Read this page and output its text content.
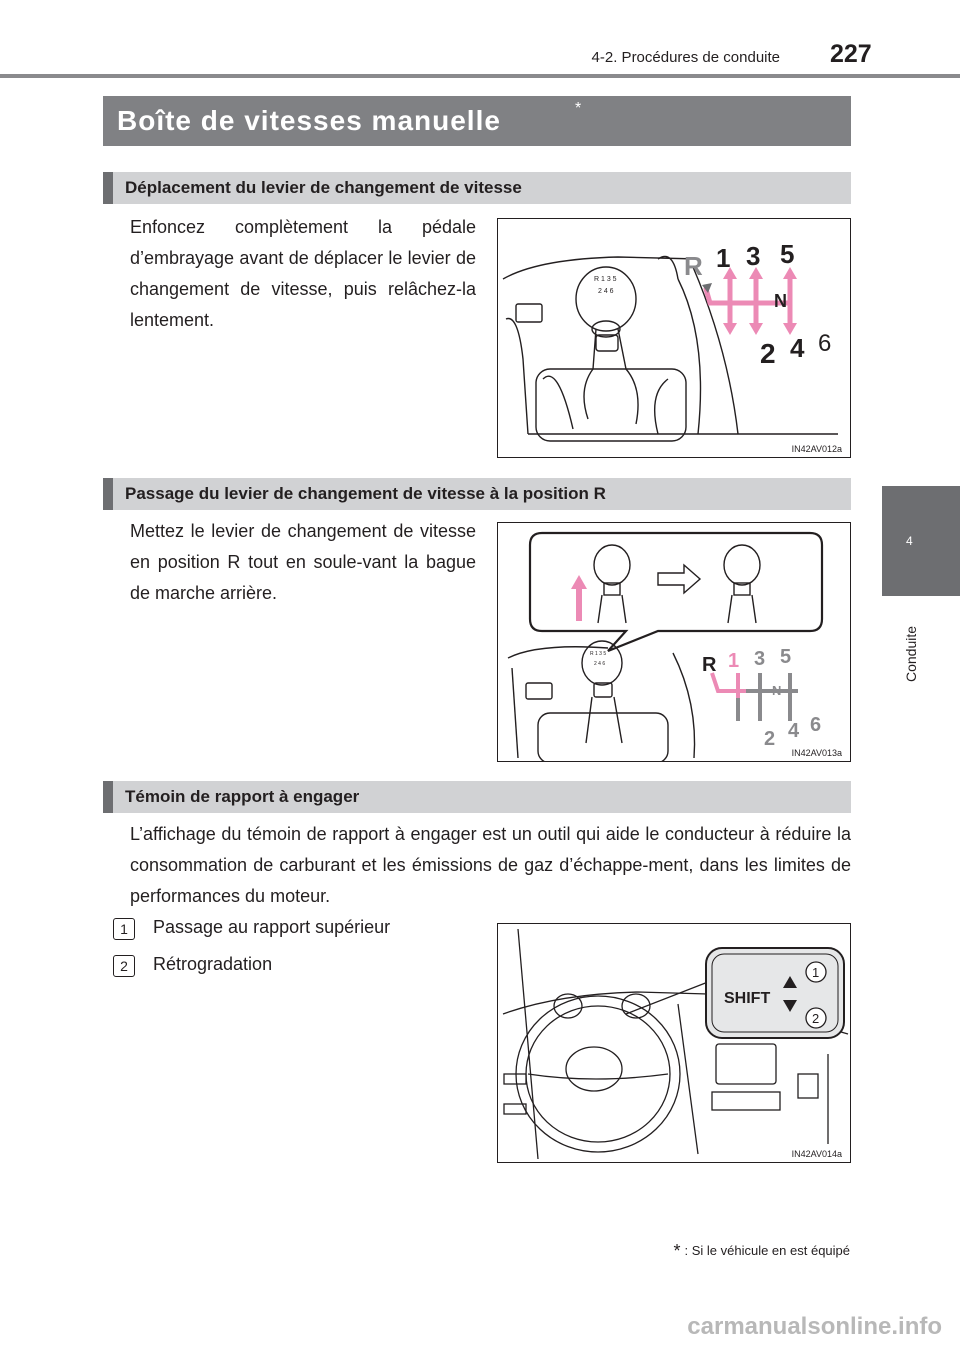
4-2. Procédures de conduite 227
4
Conduite
Boîte de vitesses manuelle	*
Déplacement du levier de changement de vitesse
Enfoncez complètement la pédale d’embrayage avant de déplacer le levier de changement de vitesse, puis relâchez-la lentement.
R 1 3 5
2 4 6
R 1 3 5
N
2 4 6
IN42AV012a
Passage du levier de changement de vitesse à la position R
Mettez le levier de changement de vitesse en position R tout en soule-vant la bague de marche arrière.
R 1 3 5
2 4 6	R 1 3 5
N
2 4 6
IN42AV013a
Témoin de rapport à engager
L’affichage du témoin de rapport à engager est un outil qui aide le conducteur à réduire la consommation de carburant et les émissions de gaz d’échappe-ment, dans les limites de performances du moteur.
1	Passage au rapport supérieur
2	Rétrogradation
SHIFT
1
2
IN42AV014a
* : Si le véhicule en est équipé
carmanualsonline.info
